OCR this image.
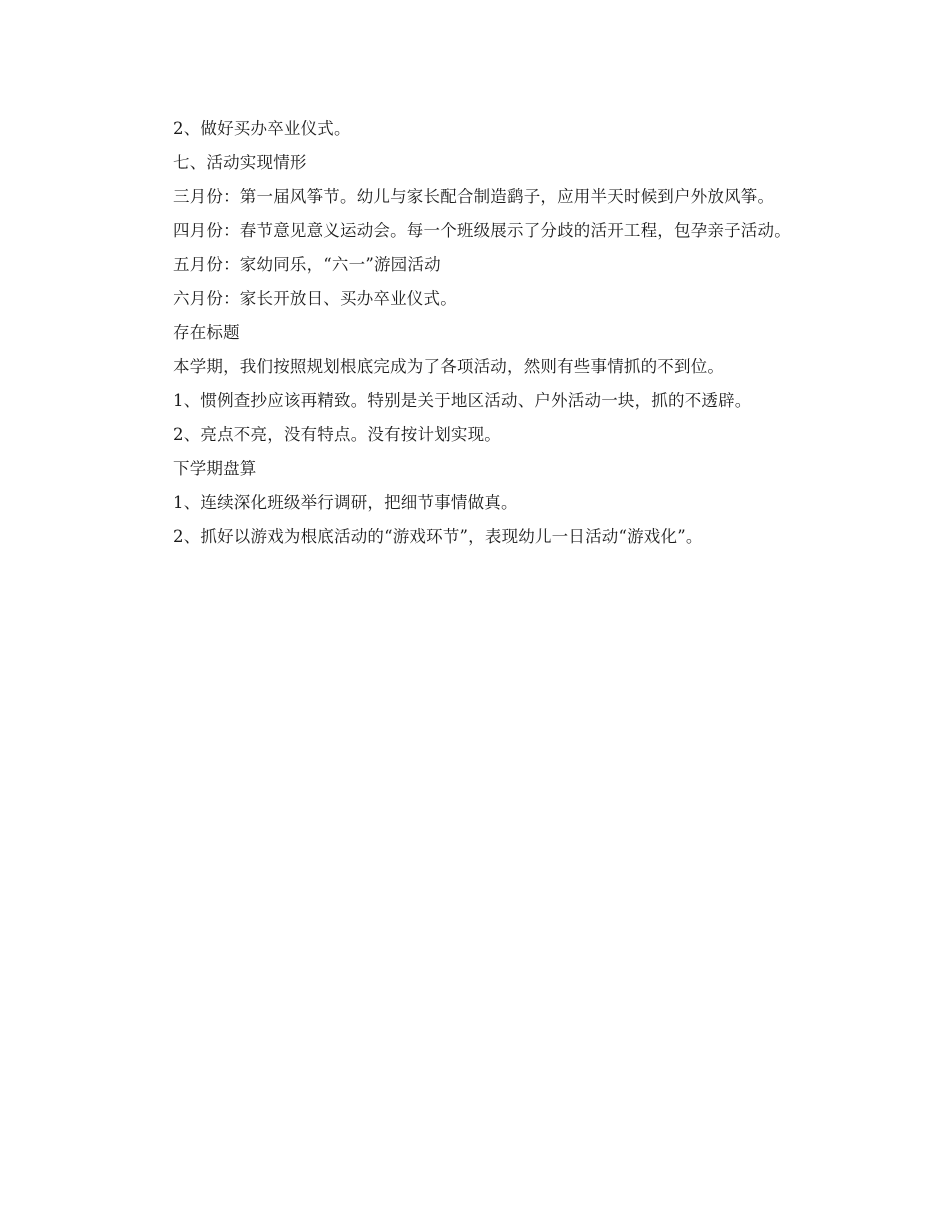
2、做好买办卒业仪式。

七、活动实现情形

三月份：第一届风筝节。幼儿与家长配合制造鹞子，应用半天时候到户外放风筝。

四月份：春节意见意义运动会。每一个班级展示了分歧的活开工程，包孕亲子活动。

五月份：家幼同乐，“六一”游园活动

六月份：家长开放日、买办卒业仪式。

存在标题

本学期，我们按照规划根底完成为了各项活动，然则有些事情抓的不到位。

1、惯例查抄应该再精致。特别是关于地区活动、户外活动一块，抓的不透辟。

2、亮点不亮，没有特点。没有按计划实现。

下学期盘算

1、连续深化班级举行调研，把细节事情做真。

2、抓好以游戏为根底活动的“游戏环节”，表现幼儿一日活动“游戏化”。
